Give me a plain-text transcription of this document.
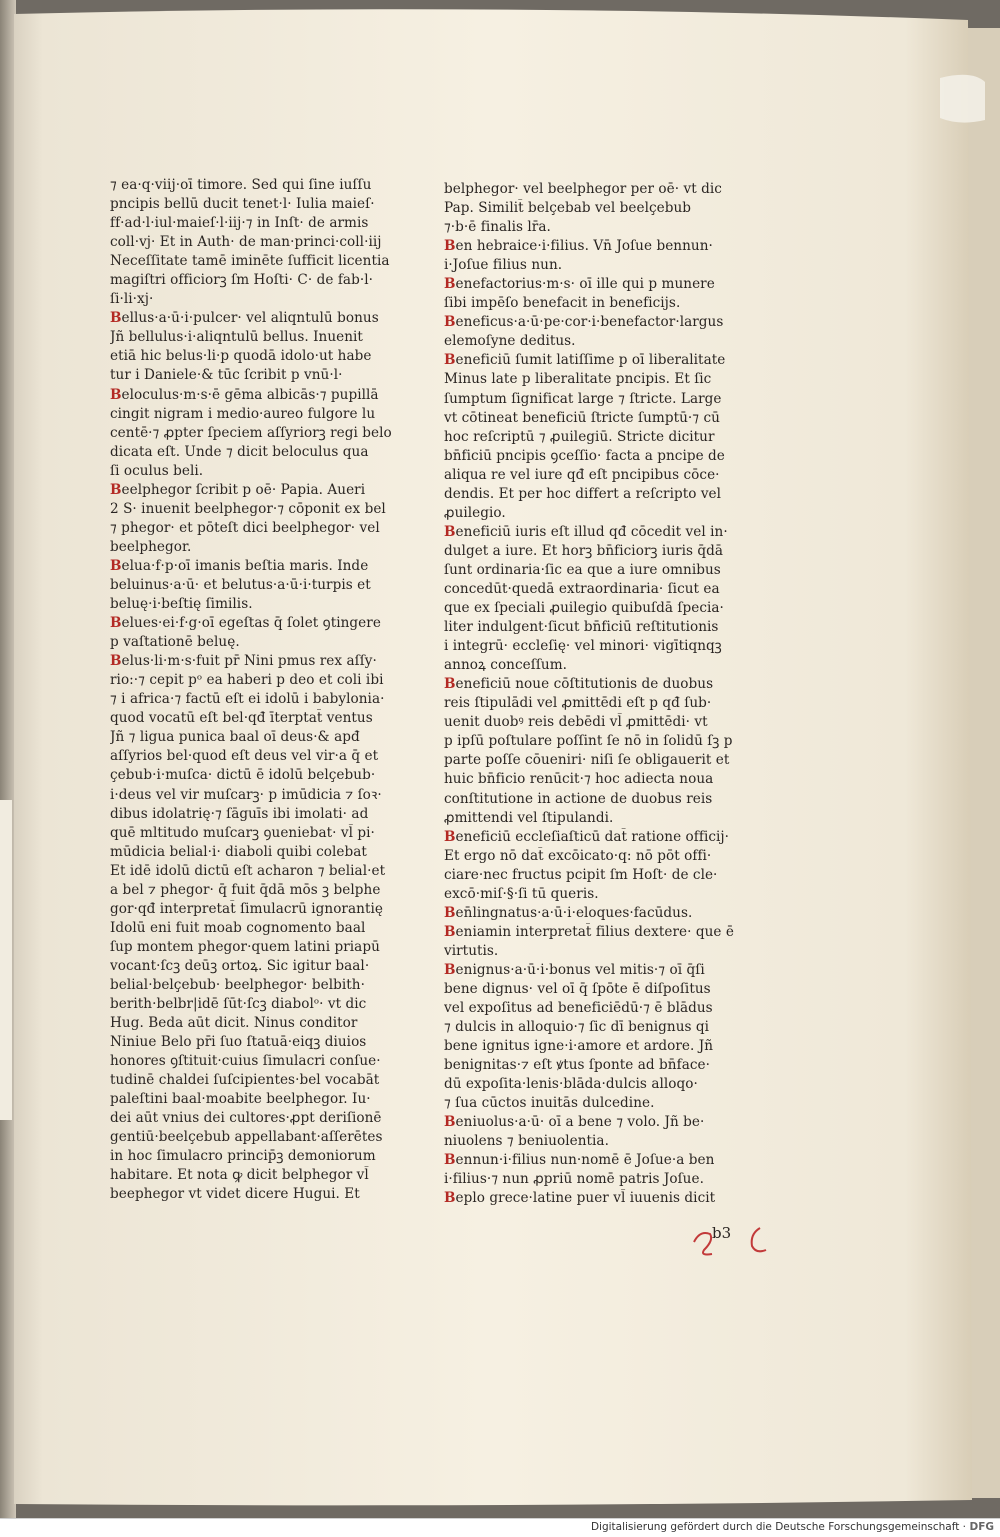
⁊ ea·q·viij·oī timore. Sed qui ſine iuſſu
pncipis bellū ducit tenet·l· Iulia maieſ·
ff·ad·l·iul·maieſ·l·iij·⁊ in Inſt· de armis
coll·vj· Et in Auth· de man·princi·coll·iij
Neceſſitate tamē iminēte ſufficit licentia
magiſtri officiorꝫ ſm Hoſti· C· de fab·l·
ſi·li·xj·
Bellus·a·ū·i·pulcer· vel aliqntulū bonus
Jñ bellulus·i·aliqntulū bellus. Inuenit
etiā hic belus·li·p quodā idolo·ut habe
tur i Daniele·& tūc ſcribit p vnū·l·
Beloculus·m·s·ē gēma albicās·⁊ pupillā
cingit nigram i medio·aureo fulgore lu
centē·⁊ ꝓpter ſpeciem aſſyriorꝫ regi belo
dicata eſt. Unde ⁊ dicit beloculus qua
ſi oculus beli.
Beelphegor ſcribit p oē· Papia. Aueri
2 S· inuenit beelphegor·⁊ cōponit ex bel
⁊ phegor· et pōteſt dici beelphegor· vel
beelphegor.
Belua·f·p·oī imanis beſtia maris. Inde
beluinus·a·ū· et belutus·a·ū·i·turpis et
beluę·i·beſtię ſimilis.
Belues·ei·f·g·oī egeſtas q̄ ſolet ꝯtingere
p vaſtationē beluę.
Belus·li·m·s·fuit pr̄ Nini pmus rex aſſy·
rio:·⁊ cepit pᵒ ea haberi p deo et coli ibi
⁊ i africa·⁊ factū eſt ei idolū i babylonia·
quod vocatū eſt bel·qđ īterptat̄ ventus
Jñ ⁊ ligua punica baal oī deus·& apđ
aſſyrios bel·quod eſt deus vel vir·a q̄ et
çebub·i·muſca· dictū ē idolū belçebub·
i·deus vel vir muſcarꝫ· p imūdicia ⁊ ſoꝛ·
dibus idolatrię·⁊ ſāguīs ibi imolati· ad
quē mltitudo muſcarꝫ ꝯueniebat· vl̄ pi·
mūdicia belial·i· diaboli quibi colebat
Et idē idolū dictū eſt acharon ⁊ belial·et
a bel ⁊ phegor· q̄ fuit q̄dā mōs ꝫ belphe
gor·qđ interpretat̄ ſimulacrū ignorantię
Idolū eni fuit moab cognomento baal
ſup montem phegor·quem latini priapū
vocant·ſcꝫ deūꝫ ortoꝝ. Sic igitur baal·
belial·belçebub· beelphegor· belbith·
berith·belbr|idē ſūt·ſcꝫ diabolᵒ· vt dic
Hug. Beda aūt dicit. Ninus conditor
Niniue Belo pr̄i ſuo ſtatuā·eiqꝫ diuios
honores ꝯſtituit·cuius ſimulacri conſue·
tudinē chaldei ſuſcipientes·bel vocabāt
paleſtini baal·moabite beelphegor. Iu·
dei aūt vnius dei cultores·ꝓpt deriſionē
gentiū·beelçebub appellabant·aſſerētes
in hoc ſimulacro princip̄ꝫ demoniorum
habitare. Et nota ꝙ dicit belphegor vl̄
beephegor vt videt dicere Hugui. Et
belphegor· vel beelphegor per oē· vt dic
Pap. Similit̄ belçebab vel beelçebub
⁊·b·ē finalis lr̄a.
Ben hebraice·i·filius. Vn̄ Joſue bennun·
i·Joſue filius nun.
Benefactorius·m·s· oī ille qui p munere
ſibi impēſo benefacit in beneficijs.
Beneficus·a·ū·pe·cor·i·benefactor·largus
elemoſyne deditus.
Beneficiū ſumit latiſſime p oī liberalitate
Minus late p liberalitate pncipis. Et ſic
ſumptum ſignificat large ⁊ ſtricte. Large
vt cōtineat beneficiū ſtricte ſumptū·⁊ cū
hoc reſcriptū ⁊ ꝓuilegiū. Stricte dicitur
bn̄ficiū pncipis ꝯceſſio· facta a pncipe de
aliqua re vel iure qđ eſt pncipibus cōce·
dendis. Et per hoc differt a reſcripto vel
ꝓuilegio.
Beneficiū iuris eſt illud qđ cōcedit vel in·
dulget a iure. Et horꝫ bn̄ficiorꝫ iuris q̄dā
ſunt ordinaria·ſic ea que a iure omnibus
concedūt·quedā extraordinaria· ſicut ea
que ex ſpeciali ꝓuilegio quibuſdā ſpecia·
liter indulgent·ſicut bn̄ficiū reſtitutionis
i integrū· eccleſię· vel minori· vigītiqnqꝫ
annoꝝ conceſſum.
Beneficiū noue cōſtitutionis de duobus
reis ſtipulādi vel ꝓmittēdi eſt p qđ ſub·
uenit duobꝰ reis debēdi vl̄ ꝓmittēdi· vt
p ipſū poſtulare poſſint ſe nō in ſolidū ſꝫ p
parte poſſe cōueniri· niſi ſe obligauerit et
huic bn̄ficio renūcit·⁊ hoc adiecta noua
conſtitutione in actione de duobus reis
ꝓmittendi vel ſtipulandi.
Beneficiū eccleſiaſticū dat̄ ratione officij·
Et ergo nō dat̄ excōicato·q: nō pōt offi·
ciare·nec fructus pcipit ſm Hoſt· de cle·
excō·miſ·§·ſi tū queris.
Ben̄lingnatus·a·ū·i·eloques·facūdus.
Beniamin interpretat̄ filius dextere· que ē
virtutis.
Benignus·a·ū·i·bonus vel mitis·⁊ oī q̄ſi
bene dignus· vel oī q̄ ſpōte ē diſpoſitus
vel expoſitus ad beneficiēdū·⁊ ē blādus
⁊ dulcis in alloquio·⁊ ſic dī benignus qi
bene ignitus igne·i·amore et ardore. Jñ
benignitas·⁊ eſt ꝟtus ſponte ad bn̄face·
dū expoſita·lenis·blāda·dulcis alloqo·
⁊ ſua cūctos inuitās dulcedine.
Beniuolus·a·ū· oī a bene ⁊ volo. Jñ be·
niuolens ⁊ beniuolentia.
Bennun·i·filius nun·nomē ē Joſue·a ben
i·filius·⁊ nun ꝓpriū nomē patris Joſue.
Beplo grece·latine puer vl̄ iuuenis dicit
b3
Digitalisierung gefördert durch die Deutsche Forschungsgemeinschaft · DFG
